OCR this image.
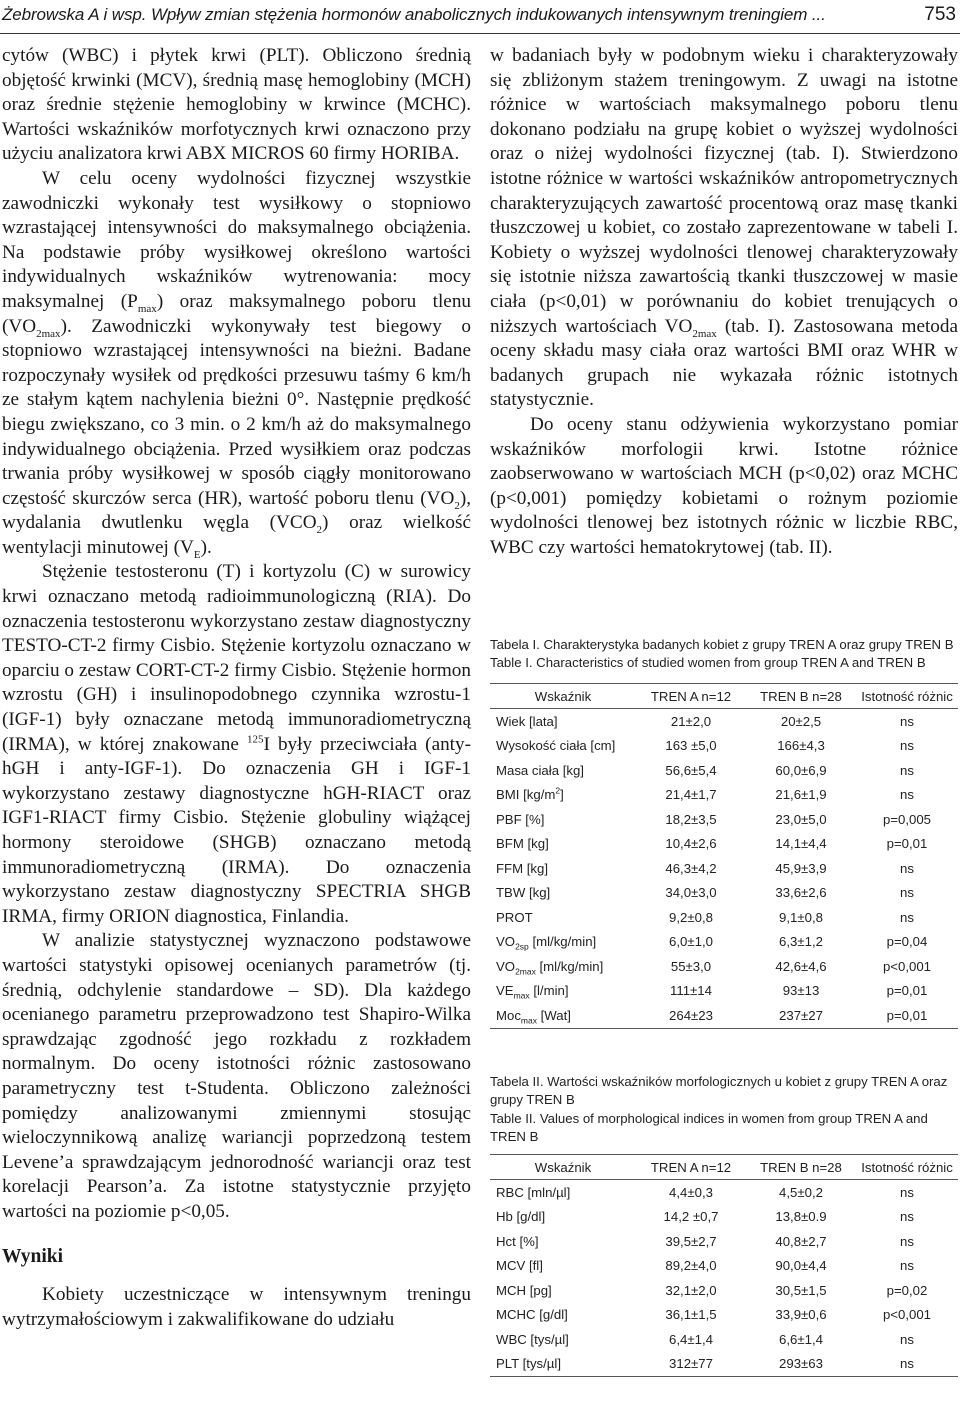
Żebrowska A i wsp. Wpływ zmian stężenia hormonów anabolicznych indukowanych intensywnym treningiem ...	753

cytów (WBC) i płytek krwi (PLT). Obliczono średnią objętość krwinki (MCV), średnią masę hemoglobiny (MCH) oraz średnie stężenie hemoglobiny w krwince (MCHC). Wartości wskaźników morfotycznych krwi oznaczono przy użyciu analizatora krwi ABX MICROS 60 firmy HORIBA.

W celu oceny wydolności fizycznej wszystkie zawodniczki wykonały test wysiłkowy o stopniowo wzrastającej intensywności do maksymalnego obciążenia. Na podstawie próby wysiłkowej określono wartości indywidualnych wskaźników wytrenowania: mocy maksymalnej $(P_{max})$ oraz maksymalnego poboru tlenu $(VO_{2max})$. Zawodniczki wykonywały test biegowy o stopniowo wzrastającej intensywności na bieżni. Badane rozpoczynały wysiłek od prędkości przesuwu taśmy 6 km/h ze stałym kątem nachylenia bieżni 0°. Następnie prędkość biegu zwiększano, co 3 min. o 2 km/h aż do maksymalnego indywidualnego obciążenia. Przed wysiłkiem oraz podczas trwania próby wysiłkowej w sposób ciągły monitorowano częstość skurczów serca (HR), wartość poboru tlenu $(VO_2)$, wydalania dwutlenku węgla $(VCO_2)$ oraz wielkość wentylacji minutowej $(V_E)$.

Stężenie testosteronu (T) i kortyzolu (C) w surowicy krwi oznaczano metodą radioimmunologiczną (RIA). Do oznaczenia testosteronu wykorzystano zestaw diagnostyczny TESTO-CT-2 firmy Cisbio. Stężenie kortyzolu oznaczano w oparciu o zestaw CORT-CT-2 firmy Cisbio. Stężenie hormon wzrostu (GH) i insulinopodobnego czynnika wzrostu-1 (IGF-1) były oznaczane metodą immunoradiometryczną (IRMA), w której znakowane $^{125}$I były przeciwciała (anty-hGH i anty-IGF-1). Do oznaczenia GH i IGF-1 wykorzystano zestawy diagnostyczne hGH-RIACT oraz IGF1-RIACT firmy Cisbio. Stężenie globuliny wiążącej hormony steroidowe (SHGB) oznaczano metodą immunoradiometryczną (IRMA). Do oznaczenia wykorzystano zestaw diagnostyczny SPECTRIA SHGB IRMA, firmy ORION diagnostica, Finlandia.

W analizie statystycznej wyznaczono podstawowe wartości statystyki opisowej ocenianych parametrów (tj. średnią, odchylenie standardowe – SD). Dla każdego ocenianego parametru przeprowadzono test Shapiro-Wilka sprawdzając zgodność jego rozkładu z rozkładem normalnym. Do oceny istotności różnic zastosowano parametryczny test t-Studenta. Obliczono zależności pomiędzy analizowanymi zmiennymi stosując wieloczynnikową analizę wariancji poprzedzoną testem Levene’a sprawdzającym jednorodność wariancji oraz test korelacji Pearson’a. Za istotne statystycznie przyjęto wartości na poziomie p<0,05.

Wyniki

Kobiety uczestniczące w intensywnym treningu wytrzymałościowym i zakwalifikowane do udziału

w badaniach były w podobnym wieku i charakteryzowały się zbliżonym stażem treningowym. Z uwagi na istotne różnice w wartościach maksymalnego poboru tlenu dokonano podziału na grupę kobiet o wyższej wydolności oraz o niżej wydolności fizycznej (tab. I). Stwierdzono istotne różnice w wartości wskaźników antropometrycznych charakteryzujących zawartość procentową oraz masę tkanki tłuszczowej u kobiet, co zostało zaprezentowane w tabeli I. Kobiety o wyższej wydolności tlenowej charakteryzowały się istotnie niższa zawartością tkanki tłuszczowej w masie ciała (p<0,01) w porównaniu do kobiet trenujących o niższych wartościach $VO_{2max}$ (tab. I). Zastosowana metoda oceny składu masy ciała oraz wartości BMI oraz WHR w badanych grupach nie wykazała różnic istotnych statystycznie.

Do oceny stanu odżywienia wykorzystano pomiar wskaźników morfologii krwi. Istotne różnice zaobserwowano w wartościach MCH (p<0,02) oraz MCHC (p<0,001) pomiędzy kobietami o rożnym poziomie wydolności tlenowej bez istotnych różnic w liczbie RBC, WBC czy wartości hematokrytowej (tab. II).

Tabela I. Charakterystyka badanych kobiet z grupy TREN A oraz grupy TREN B
Table I. Characteristics of studied women from group TREN A and TREN B
Wskaźnik	TREN A n=12	TREN B n=28	Istotność różnic
Wiek [lata]	21±2,0	20±2,5	ns
Wysokość ciała [cm]	163 ±5,0	166±4,3	ns
Masa ciała [kg]	56,6±5,4	60,0±6,9	ns
BMI $[kg/m^2]$	21,4±1,7	21,6±1,9	ns
PBF [%]	18,2±3,5	23,0±5,0	p=0,005
BFM [kg]	10,4±2,6	14,1±4,4	p=0,01
FFM [kg]	46,3±4,2	45,9±3,9	ns
TBW [kg]	34,0±3,0	33,6±2,6	ns
PROT	9,2±0,8	9,1±0,8	ns
$VO_{2sp}$ [ml/kg/min]	6,0±1,0	6,3±1,2	p=0,04
$VO_{2max}$ [ml/kg/min]	55±3,0	42,6±4,6	p<0,001
$VE_{max}$ [l/min]	111±14	93±13	p=0,01
Moc$_{max}$ [Wat]	264±23	237±27	p=0,01
Tabela II. Wartości wskaźników morfologicznych u kobiet z grupy TREN A oraz grupy TREN B
Table II. Values of morphological indices in women from group TREN A and TREN B
Wskaźnik	TREN A n=12	TREN B n=28	Istotność różnic
RBC [mln/µl]	4,4±0,3	4,5±0,2	ns
Hb [g/dl]	14,2 ±0,7	13,8±0.9	ns
Hct [%]	39,5±2,7	40,8±2,7	ns
MCV [fl]	89,2±4,0	90,0±4,4	ns
MCH [pg]	32,1±2,0	30,5±1,5	p=0,02
MCHC [g/dl]	36,1±1,5	33,9±0,6	p<0,001
WBC [tys/µl]	6,4±1,4	6,6±1,4	ns
PLT [tys/µl]	312±77	293±63	ns
